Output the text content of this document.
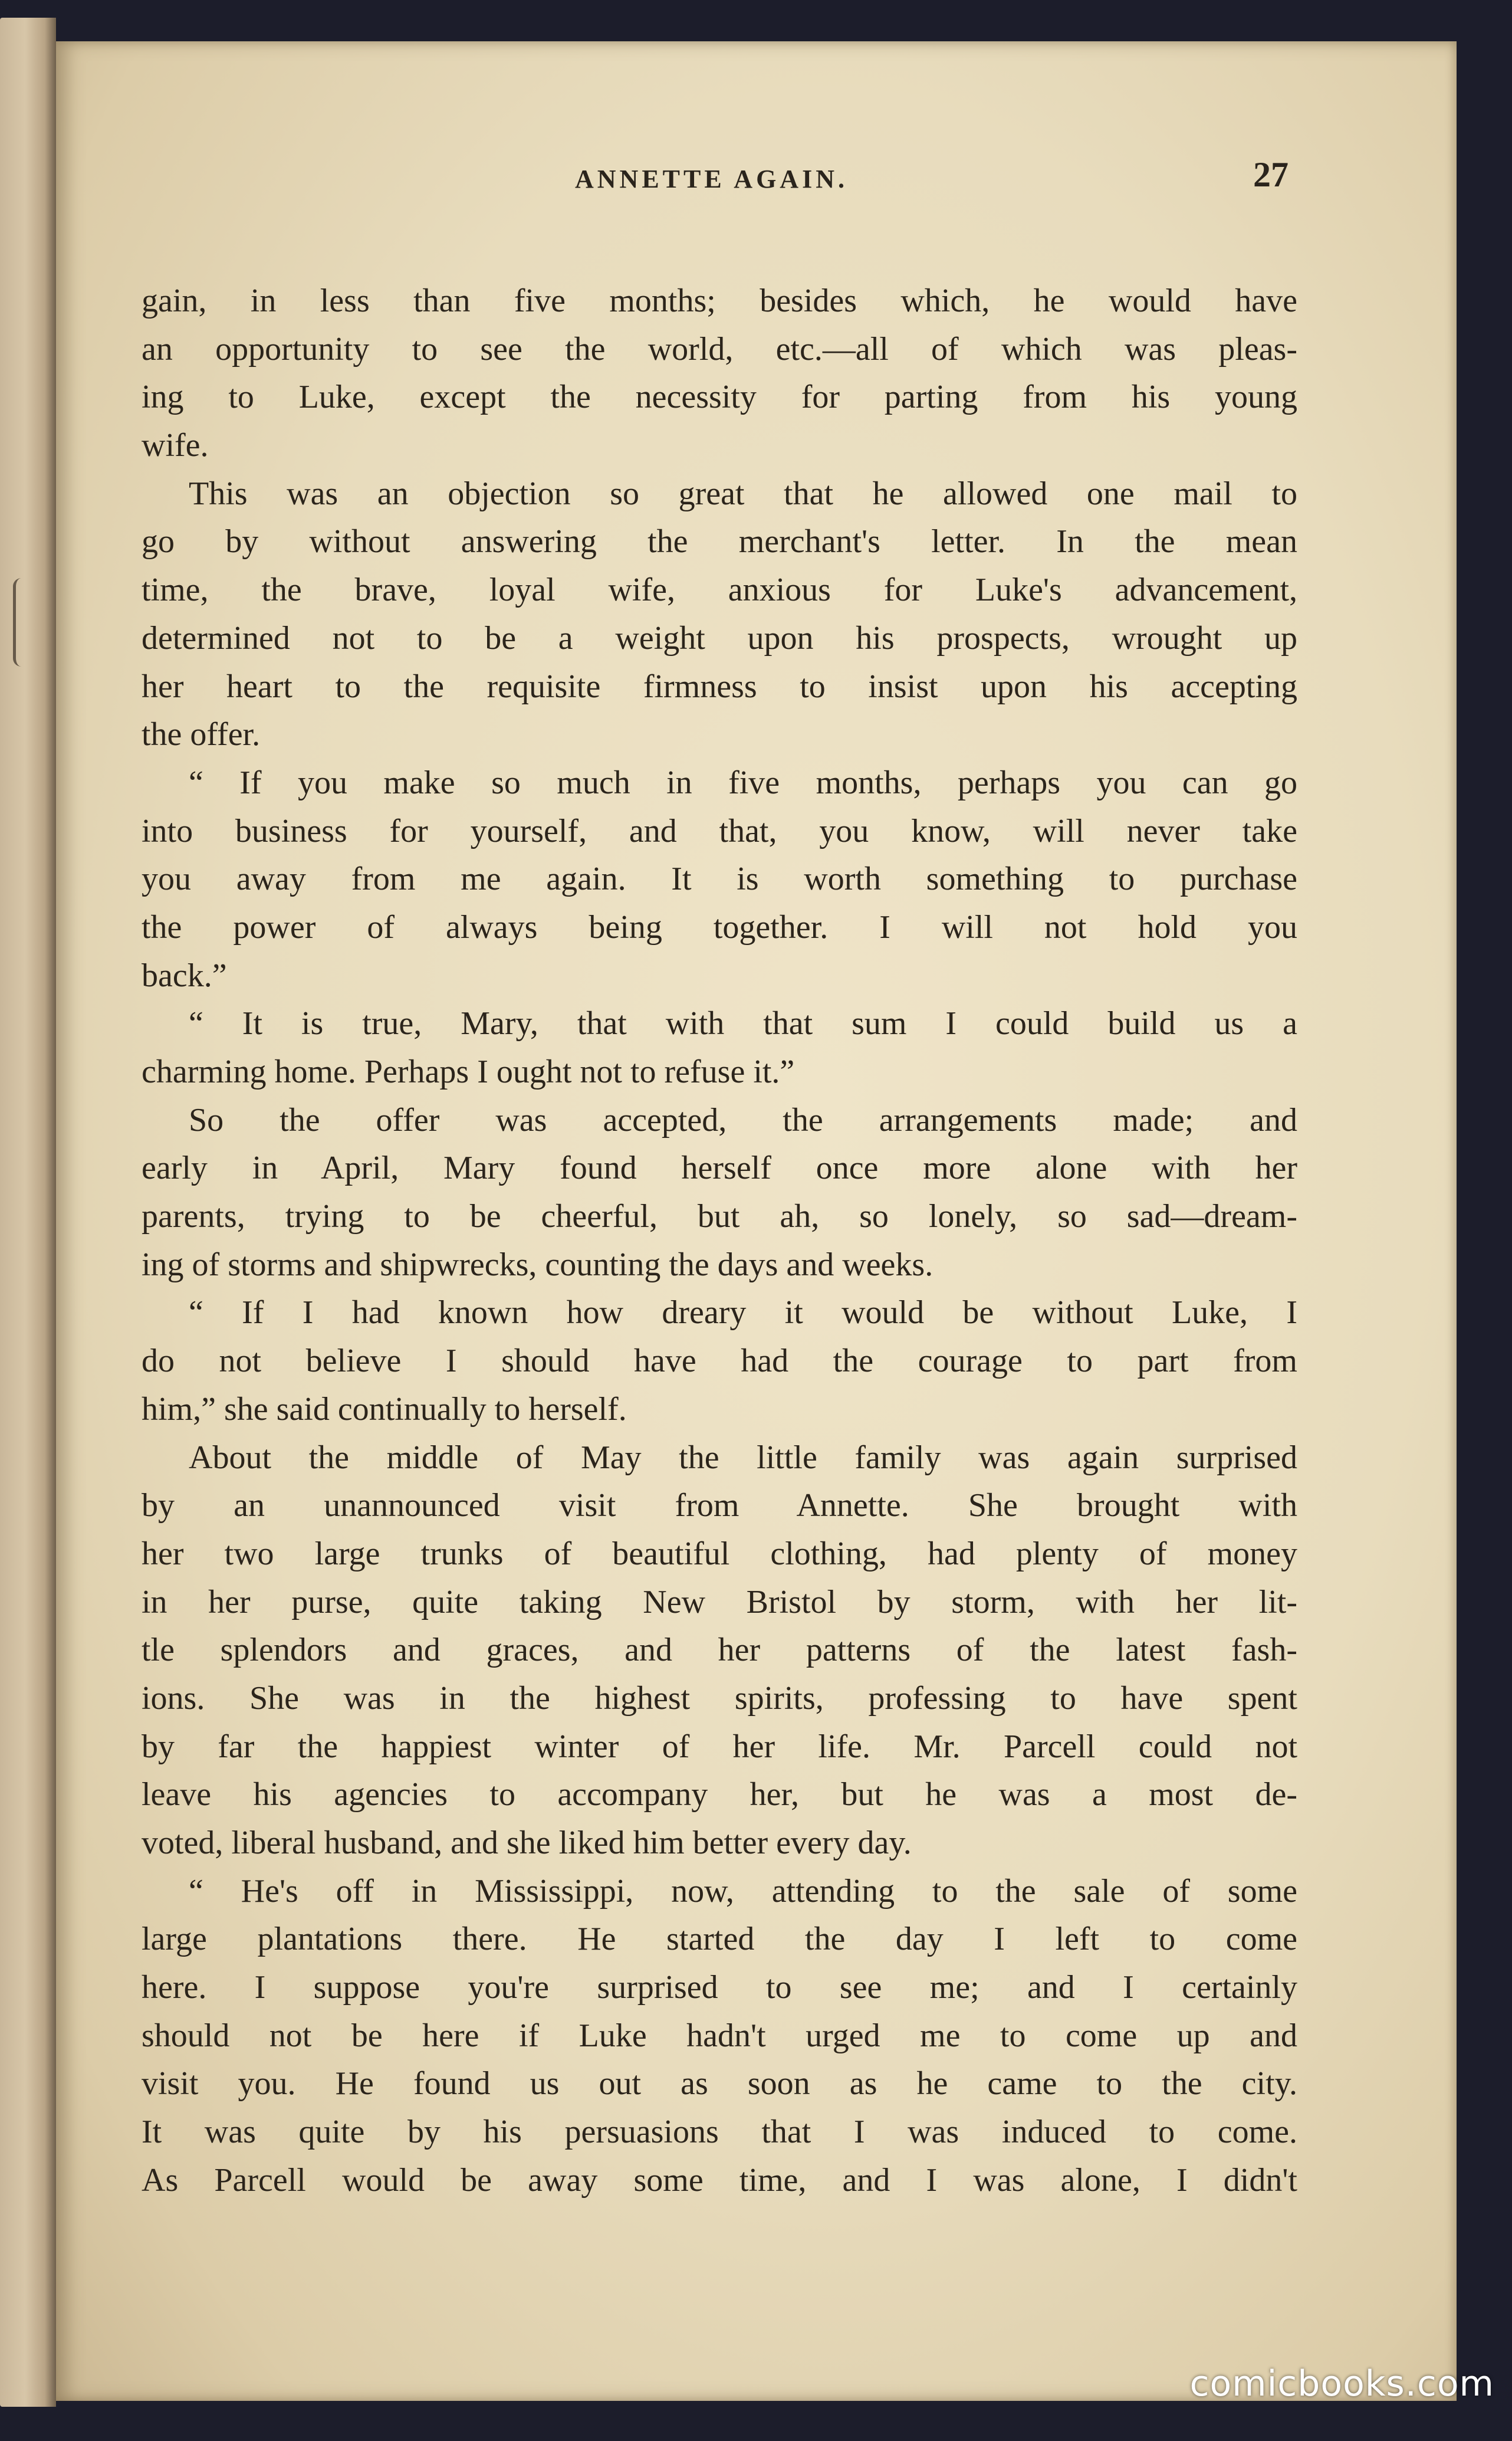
ANNETTE AGAIN.	27
gain, in less than five months; besides which, he would have
an opportunity to see the world, etc.—all of which was pleas-
ing to Luke, except the necessity for parting from his young
wife.
This was an objection so great that he allowed one mail to
go by without answering the merchant's letter. In the mean
time, the brave, loyal wife, anxious for Luke's advancement,
determined not to be a weight upon his prospects, wrought up
her heart to the requisite firmness to insist upon his accepting
the offer.
“ If you make so much in five months, perhaps you can go
into business for yourself, and that, you know, will never take
you away from me again. It is worth something to purchase
the power of always being together. I will not hold you
back.”
“ It is true, Mary, that with that sum I could build us a
charming home. Perhaps I ought not to refuse it.”
So the offer was accepted, the arrangements made; and
early in April, Mary found herself once more alone with her
parents, trying to be cheerful, but ah, so lonely, so sad—dream-
ing of storms and shipwrecks, counting the days and weeks.
“ If I had known how dreary it would be without Luke, I
do not believe I should have had the courage to part from
him,” she said continually to herself.
About the middle of May the little family was again surprised
by an unannounced visit from Annette. She brought with
her two large trunks of beautiful clothing, had plenty of money
in her purse, quite taking New Bristol by storm, with her lit-
tle splendors and graces, and her patterns of the latest fash-
ions. She was in the highest spirits, professing to have spent
by far the happiest winter of her life. Mr. Parcell could not
leave his agencies to accompany her, but he was a most de-
voted, liberal husband, and she liked him better every day.
“ He's off in Mississippi, now, attending to the sale of some
large plantations there. He started the day I left to come
here. I suppose you're surprised to see me; and I certainly
should not be here if Luke hadn't urged me to come up and
visit you. He found us out as soon as he came to the city.
It was quite by his persuasions that I was induced to come.
As Parcell would be away some time, and I was alone, I didn't
comicbooks.com
